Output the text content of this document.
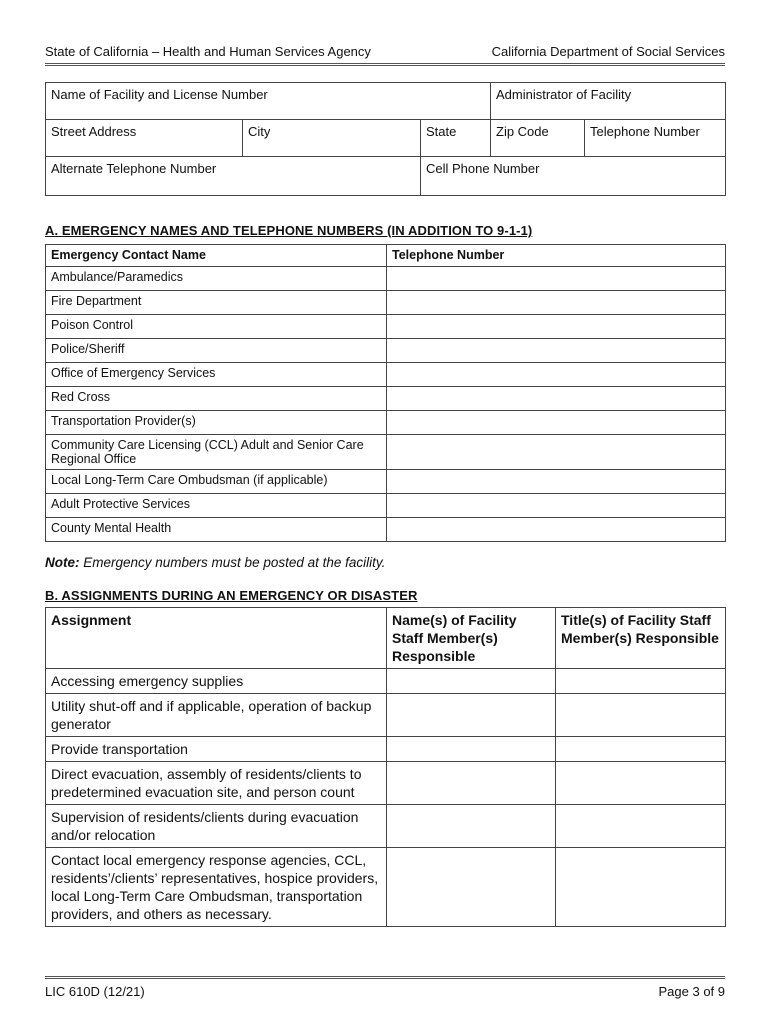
State of California – Health and Human Services Agency	California Department of Social Services
Name of Facility and License Number			Administrator of Facility	
Street Address	City	State	Zip Code	Telephone Number
Alternate Telephone Number		Cell Phone Number		
A. EMERGENCY NAMES AND TELEPHONE NUMBERS (IN ADDITION TO 9-1-1)
Emergency Contact Name	Telephone Number
Ambulance/Paramedics	
Fire Department	
Poison Control	
Police/Sheriff	
Office of Emergency Services	
Red Cross	
Transportation Provider(s)	
Community Care Licensing (CCL) Adult and Senior Care Regional Office	
Local Long-Term Care Ombudsman (if applicable)	
Adult Protective Services	
County Mental Health	
Note: Emergency numbers must be posted at the facility.
B. ASSIGNMENTS DURING AN EMERGENCY OR DISASTER
Assignment	Name(s) of Facility Staff Member(s) Responsible	Title(s) of Facility Staff Member(s) Responsible
Accessing emergency supplies		
Utility shut-off and if applicable, operation of backup generator		
Provide transportation		
Direct evacuation, assembly of residents/clients to predetermined evacuation site, and person count		
Supervision of residents/clients during evacuation and/or relocation		
Contact local emergency response agencies, CCL, residents’/clients’ representatives, hospice providers, local Long-Term Care Ombudsman, transportation providers, and others as necessary.		
LIC 610D (12/21)	Page 3 of 9
